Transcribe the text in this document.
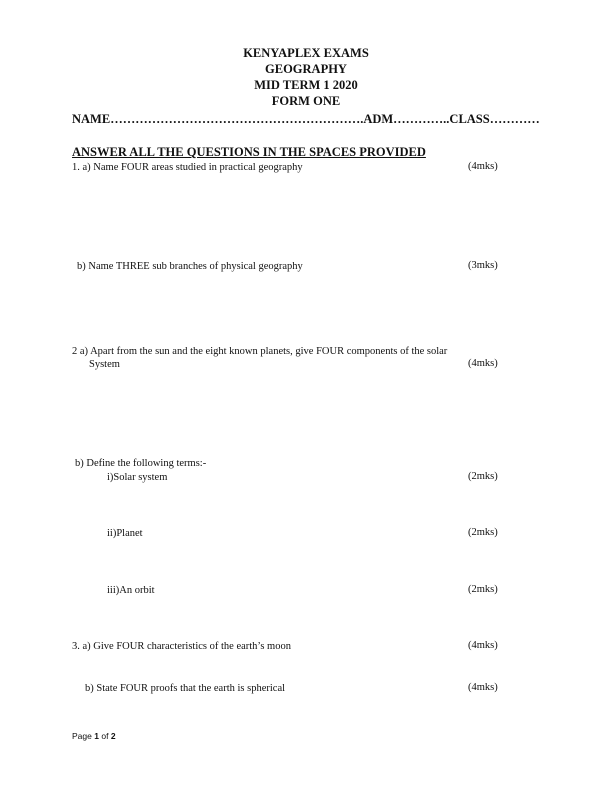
KENYAPLEX EXAMS
GEOGRAPHY
MID TERM 1 2020
FORM ONE
NAME…………………………………………………….ADM…………..CLASS…………
ANSWER ALL THE QUESTIONS IN THE SPACES PROVIDED
1. a) Name FOUR areas studied in practical geography	(4mks)
b) Name THREE sub branches of physical geography	(3mks)
2 a) Apart from the sun and the eight known planets, give FOUR components of the solar
System	(4mks)
b) Define the following terms:-
i)Solar system	(2mks)
ii)Planet	(2mks)
iii)An orbit	(2mks)
3. a) Give FOUR characteristics of the earth’s moon	(4mks)
b) State FOUR proofs that the earth is spherical	(4mks)
Page 1 of 2
